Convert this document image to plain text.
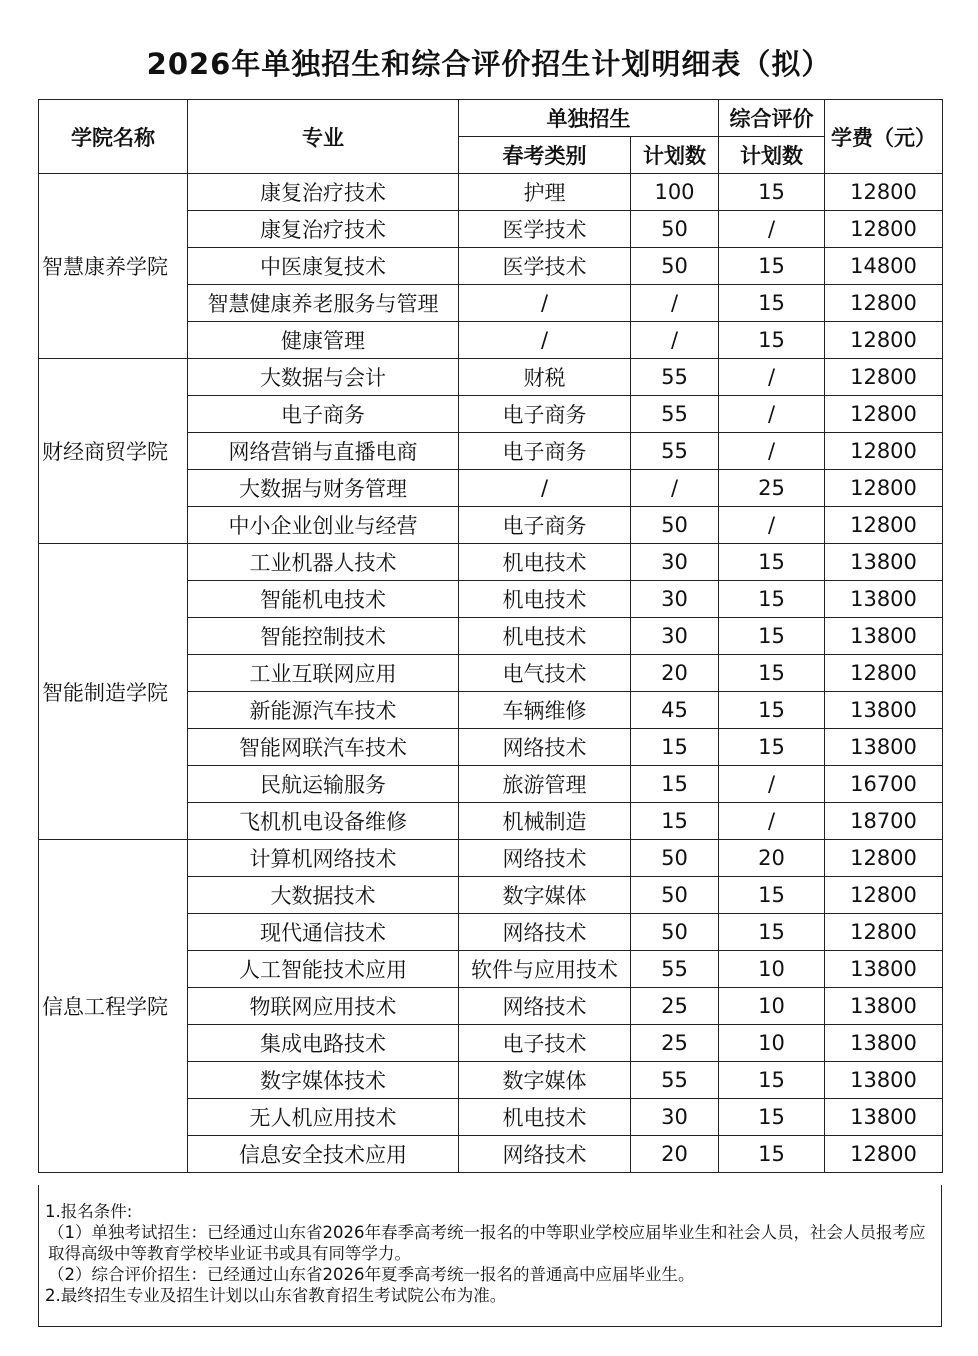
2026年单独招生和综合评价招生计划明细表（拟）
学院名称	专业	单独招生		综合评价	学费（元）
		春考类别	计划数	计划数	
智慧康养学院	康复治疗技术	护理	100	15	12800
	康复治疗技术	医学技术	50	/	12800
	中医康复技术	医学技术	50	15	14800
	智慧健康养老服务与管理	/	/	15	12800
	健康管理	/	/	15	12800
财经商贸学院	大数据与会计	财税	55	/	12800
	电子商务	电子商务	55	/	12800
	网络营销与直播电商	电子商务	55	/	12800
	大数据与财务管理	/	/	25	12800
	中小企业创业与经营	电子商务	50	/	12800
智能制造学院	工业机器人技术	机电技术	30	15	13800
	智能机电技术	机电技术	30	15	13800
	智能控制技术	机电技术	30	15	13800
	工业互联网应用	电气技术	20	15	12800
	新能源汽车技术	车辆维修	45	15	13800
	智能网联汽车技术	网络技术	15	15	13800
	民航运输服务	旅游管理	15	/	16700
	飞机机电设备维修	机械制造	15	/	18700
信息工程学院	计算机网络技术	网络技术	50	20	12800
	大数据技术	数字媒体	50	15	12800
	现代通信技术	网络技术	50	15	12800
	人工智能技术应用	软件与应用技术	55	10	13800
	物联网应用技术	网络技术	25	10	13800
	集成电路技术	电子技术	25	10	13800
	数字媒体技术	数字媒体	55	15	13800
	无人机应用技术	机电技术	30	15	13800
	信息安全技术应用	网络技术	20	15	12800
1.报名条件:
（1）单独考试招生：已经通过山东省2026年春季高考统一报名的中等职业学校应届毕业生和社会人员，社会人员报考应取得高级中等教育学校毕业证书或具有同等学力。
（2）综合评价招生：已经通过山东省2026年夏季高考统一报名的普通高中应届毕业生。
2.最终招生专业及招生计划以山东省教育招生考试院公布为准。
